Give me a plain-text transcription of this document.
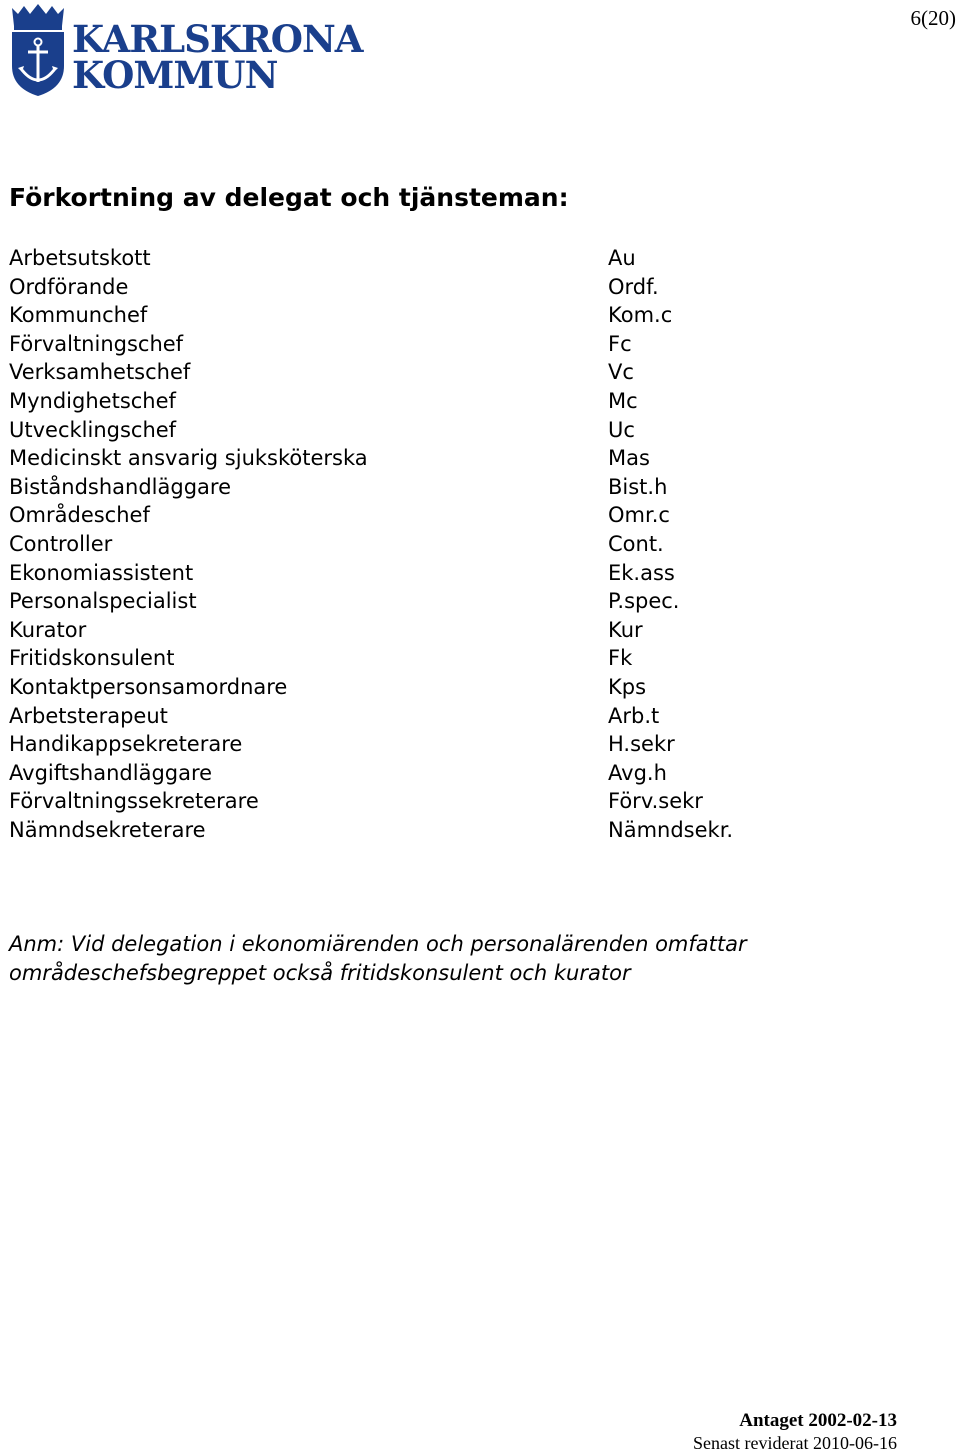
KARLSKRONA
KOMMUN
6(20)
Förkortning av delegat och tjänsteman:
Arbetsutskott	Au
Ordförande	Ordf.
Kommunchef	Kom.c
Förvaltningschef	Fc
Verksamhetschef	Vc
Myndighetschef	Mc
Utvecklingschef	Uc
Medicinskt ansvarig sjuksköterska	Mas
Biståndshandläggare	Bist.h
Områdeschef	Omr.c
Controller	Cont.
Ekonomiassistent	Ek.ass
Personalspecialist	P.spec.
Kurator	Kur
Fritidskonsulent	Fk
Kontaktpersonsamordnare	Kps
Arbetsterapeut	Arb.t
Handikappsekreterare	H.sekr
Avgiftshandläggare	Avg.h
Förvaltningssekreterare	Förv.sekr
Nämndsekreterare	Nämndsekr.

Anm: Vid delegation i ekonomiärenden och personalärenden omfattar områdeschefsbegreppet också fritidskonsulent och kurator

Antaget 2002-02-13
Senast reviderat 2010-06-16
